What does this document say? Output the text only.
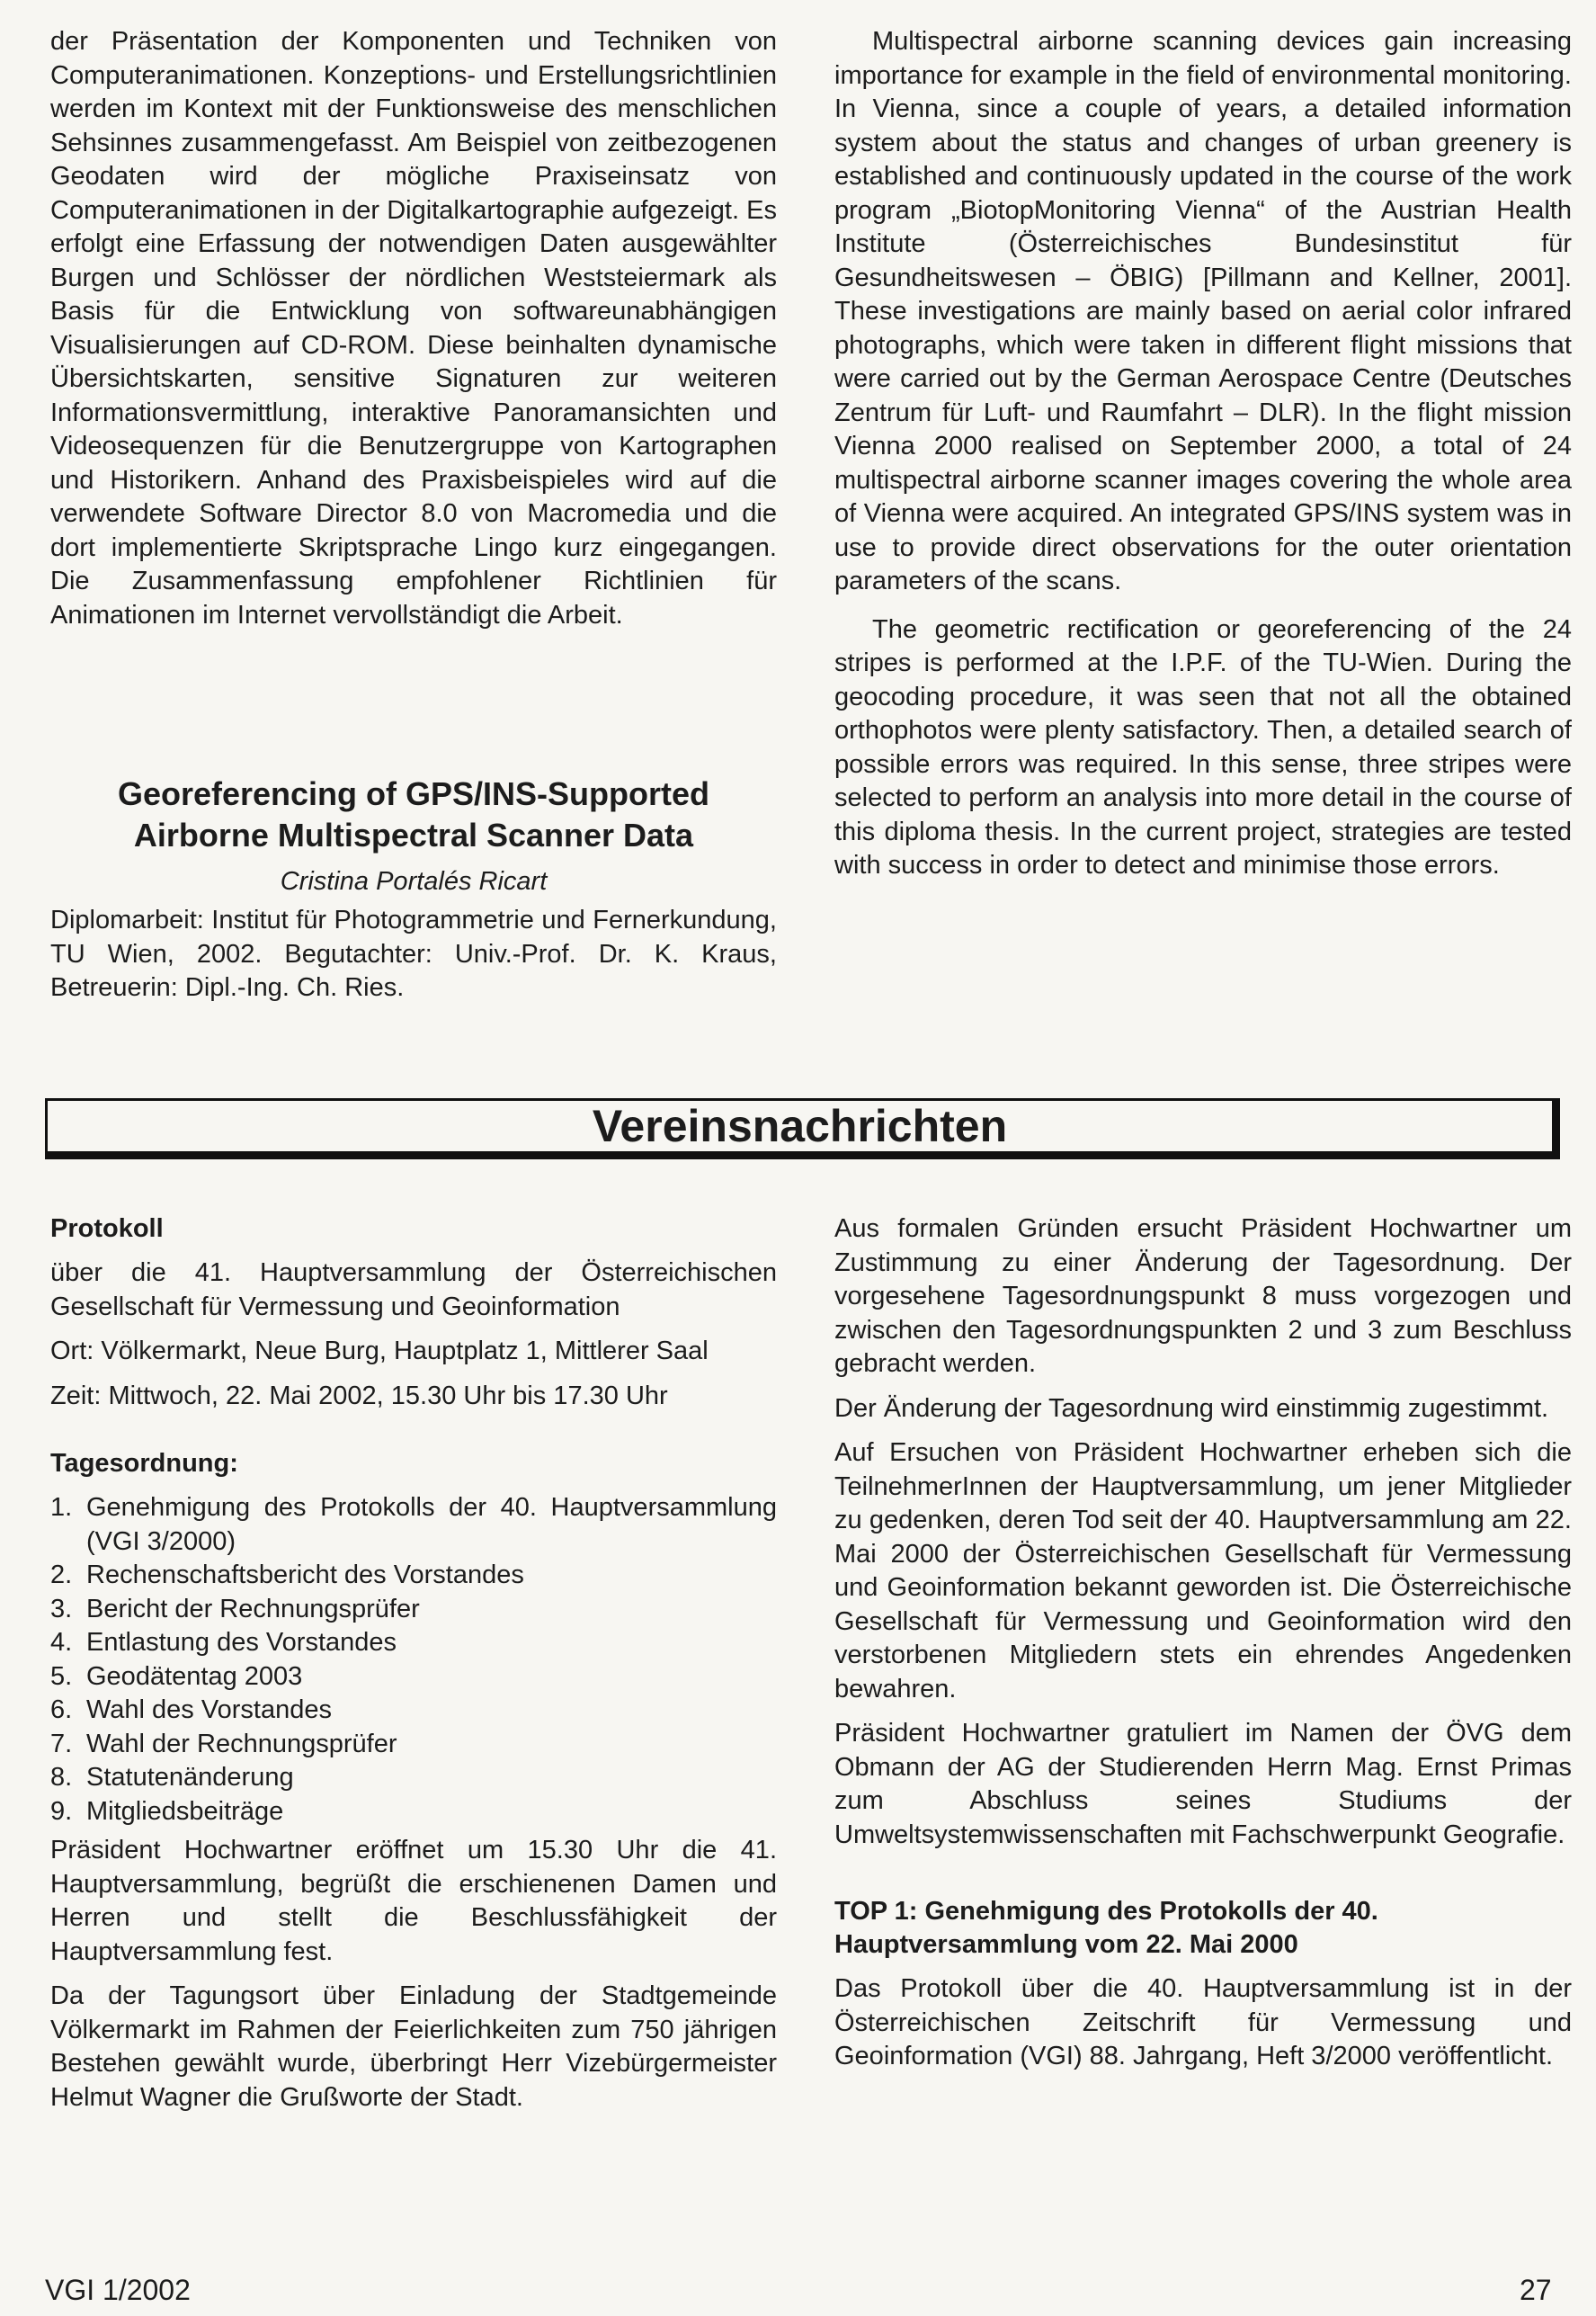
der Präsentation der Komponenten und Techniken von Computeranimationen. Konzeptions- und Erstellungsrichtlinien werden im Kontext mit der Funktionsweise des menschlichen Sehsinnes zusammengefasst. Am Beispiel von zeitbezogenen Geodaten wird der mögliche Praxiseinsatz von Computeranimationen in der Digitalkartographie aufgezeigt. Es erfolgt eine Erfassung der notwendigen Daten ausgewählter Burgen und Schlösser der nördlichen Weststeiermark als Basis für die Entwicklung von softwareunabhängigen Visualisierungen auf CD-ROM. Diese beinhalten dynamische Übersichtskarten, sensitive Signaturen zur weiteren Informationsvermittlung, interaktive Panoramansichten und Videosequenzen für die Benutzergruppe von Kartographen und Historikern. Anhand des Praxisbeispieles wird auf die verwendete Software Director 8.0 von Macromedia und die dort implementierte Skriptsprache Lingo kurz eingegangen. Die Zusammenfassung empfohlener Richtlinien für Animationen im Internet vervollständigt die Arbeit.

Georeferencing of GPS/INS-Supported

Airborne Multispectral Scanner Data

Cristina Portalés Ricart

Diplomarbeit: Institut für Photogrammetrie und Fernerkundung, TU Wien, 2002. Begutachter: Univ.-Prof. Dr. K. Kraus, Betreuerin: Dipl.-Ing. Ch. Ries.

Multispectral airborne scanning devices gain increasing importance for example in the field of environmental monitoring. In Vienna, since a couple of years, a detailed information system about the status and changes of urban greenery is established and continuously updated in the course of the work program „BiotopMonitoring Vienna“ of the Austrian Health Institute (Österreichisches Bundesinstitut für Gesundheitswesen – ÖBIG) [Pillmann and Kellner, 2001]. These investigations are mainly based on aerial color infrared photographs, which were taken in different flight missions that were carried out by the German Aerospace Centre (Deutsches Zentrum für Luft- und Raumfahrt – DLR). In the flight mission Vienna 2000 realised on September 2000, a total of 24 multispectral airborne scanner images covering the whole area of Vienna were acquired. An integrated GPS/INS system was in use to provide direct observations for the outer orientation parameters of the scans.

The geometric rectification or georeferencing of the 24 stripes is performed at the I.P.F. of the TU-Wien. During the geocoding procedure, it was seen that not all the obtained orthophotos were plenty satisfactory. Then, a detailed search of possible errors was required. In this sense, three stripes were selected to perform an analysis into more detail in the course of this diploma thesis. In the current project, strategies are tested with success in order to detect and minimise those errors.

Vereinsnachrichten

Protokoll

über die 41. Hauptversammlung der Österreichischen Gesellschaft für Vermessung und Geoinformation

Ort: Völkermarkt, Neue Burg, Hauptplatz 1, Mittlerer Saal

Zeit: Mittwoch, 22. Mai 2002, 15.30 Uhr bis 17.30 Uhr

Tagesordnung:

1. Genehmigung des Protokolls der 40. Hauptversammlung (VGI 3/2000)
2. Rechenschaftsbericht des Vorstandes
3. Bericht der Rechnungsprüfer
4. Entlastung des Vorstandes
5. Geodätentag 2003
6. Wahl des Vorstandes
7. Wahl der Rechnungsprüfer
8. Statutenänderung
9. Mitgliedsbeiträge

Präsident Hochwartner eröffnet um 15.30 Uhr die 41. Hauptversammlung, begrüßt die erschienenen Damen und Herren und stellt die Beschlussfähigkeit der Hauptversammlung fest.

Da der Tagungsort über Einladung der Stadtgemeinde Völkermarkt im Rahmen der Feierlichkeiten zum 750 jährigen Bestehen gewählt wurde, überbringt Herr Vizebürgermeister Helmut Wagner die Grußworte der Stadt.

Aus formalen Gründen ersucht Präsident Hochwartner um Zustimmung zu einer Änderung der Tagesordnung. Der vorgesehene Tagesordnungspunkt 8 muss vorgezogen und zwischen den Tagesordnungspunkten 2 und 3 zum Beschluss gebracht werden.

Der Änderung der Tagesordnung wird einstimmig zugestimmt.

Auf Ersuchen von Präsident Hochwartner erheben sich die TeilnehmerInnen der Hauptversammlung, um jener Mitglieder zu gedenken, deren Tod seit der 40. Hauptversammlung am 22. Mai 2000 der Österreichischen Gesellschaft für Vermessung und Geoinformation bekannt geworden ist. Die Österreichische Gesellschaft für Vermessung und Geoinformation wird den verstorbenen Mitgliedern stets ein ehrendes Angedenken bewahren.

Präsident Hochwartner gratuliert im Namen der ÖVG dem Obmann der AG der Studierenden Herrn Mag. Ernst Primas zum Abschluss seines Studiums der Umweltsystemwissenschaften mit Fachschwerpunkt Geografie.

TOP 1: Genehmigung des Protokolls der 40. Hauptversammlung vom 22. Mai 2000

Das Protokoll über die 40. Hauptversammlung ist in der Österreichischen Zeitschrift für Vermessung und Geoinformation (VGI) 88. Jahrgang, Heft 3/2000 veröffentlicht.

VGI 1/2002	27
